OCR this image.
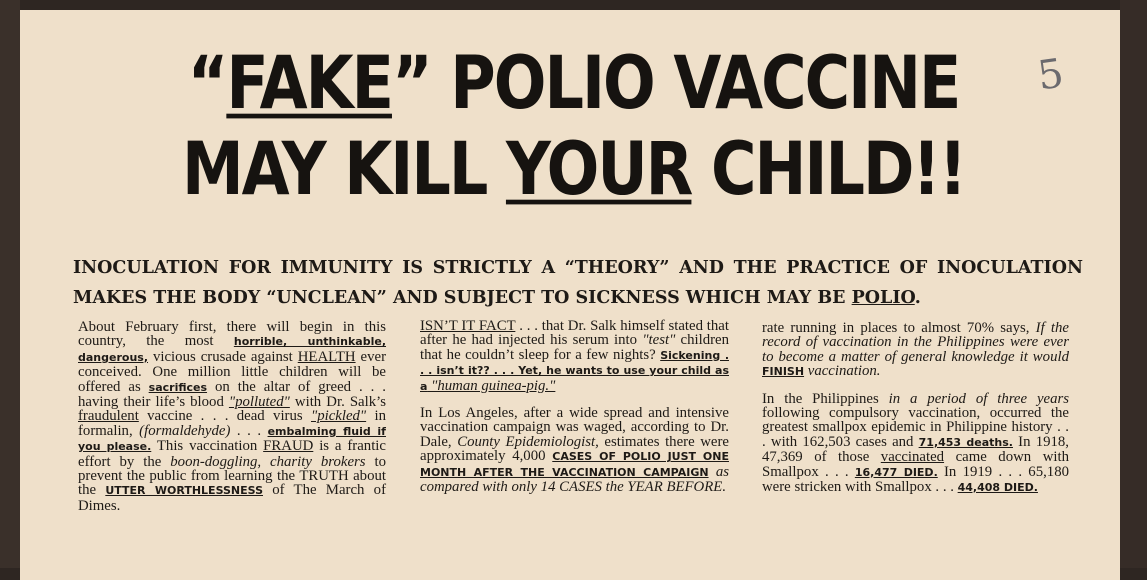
“FAKE” POLIO VACCINE
MAY KILL YOUR CHILD!!
5
INOCULATION FOR IMMUNITY IS STRICTLY A “THEORY” AND THE PRACTICE OF INOCULATION MAKES THE BODY “UNCLEAN” AND SUBJECT TO SICKNESS WHICH MAY BE POLIO.
About February first, there will begin in this country, the most horrible, unthinkable, dangerous, vicious crusade against HEALTH ever conceived. One million little children will be offered as sacrifices on the altar of greed . . . having their life’s blood "polluted" with Dr. Salk’s fraudulent vaccine . . . dead virus "pickled" in formalin, (formaldehyde) . . . embalming fluid if you please. This vaccination FRAUD is a frantic effort by the boon-doggling, charity brokers to prevent the public from learning the TRUTH about the UTTER WORTHLESSNESS of The March of Dimes.

ISN’T IT FACT . . . that Dr. Salk himself stated that after he had injected his serum into "test" children that he couldn’t sleep for a few nights? Sickening . . . isn’t it?? . . . Yet, he wants to use your child as a "human guinea-pig."

In Los Angeles, after a wide spread and intensive vaccination campaign was waged, according to Dr. Dale, County Epidemiologist, estimates there were approximately 4,000 CASES OF POLIO JUST ONE MONTH AFTER THE VACCINATION CAMPAIGN as compared with only 14 CASES the YEAR BEFORE.

rate running in places to almost 70% says, If the record of vaccination in the Philippines were ever to become a matter of general knowledge it would FINISH vaccination.

In the Philippines in a period of three years following compulsory vaccination, occurred the greatest smallpox epidemic in Philippine history . . . with 162,503 cases and 71,453 deaths. In 1918, 47,369 of those vaccinated came down with Smallpox . . . 16,477 DIED. In 1919 . . . 65,180 were stricken with Smallpox . . . 44,408 DIED.
